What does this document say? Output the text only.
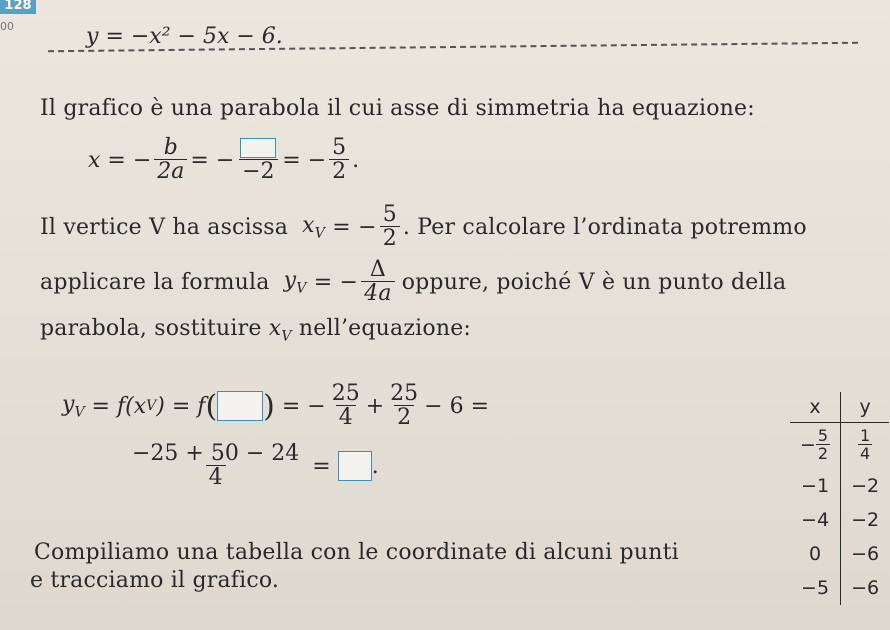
128
00	y = −x² − 5x − 6.
Il grafico è una parabola il cui asse di simmetria ha equazione:
x = − $\frac{b}{2a}$ = − −2 = − $\frac{5}{2}$ .
Il vertice V ha ascissa $x_V$ = − $\frac{5}{2}$ . Per calcolare l’ordinata potremmo
applicare la formula $y_V$ = − $\frac{\Delta}{4a}$ oppure, poiché V è un punto della
parabola, sostituire $x_V$ nell’equazione:
$y_V = f$( x V ) = f ( ) = − $\frac{25}{4} + \frac{25}{2} - 6$ =
$\frac{-25 + 50 - 24}{4}$ = .
Compiliamo una tabella con le coordinate di alcuni punti
e tracciamo il grafico.
x	y
− $\frac{5}{2}$	$\frac{1}{4}$

−1	−2
−4	−2
0	−6
−5	−6
